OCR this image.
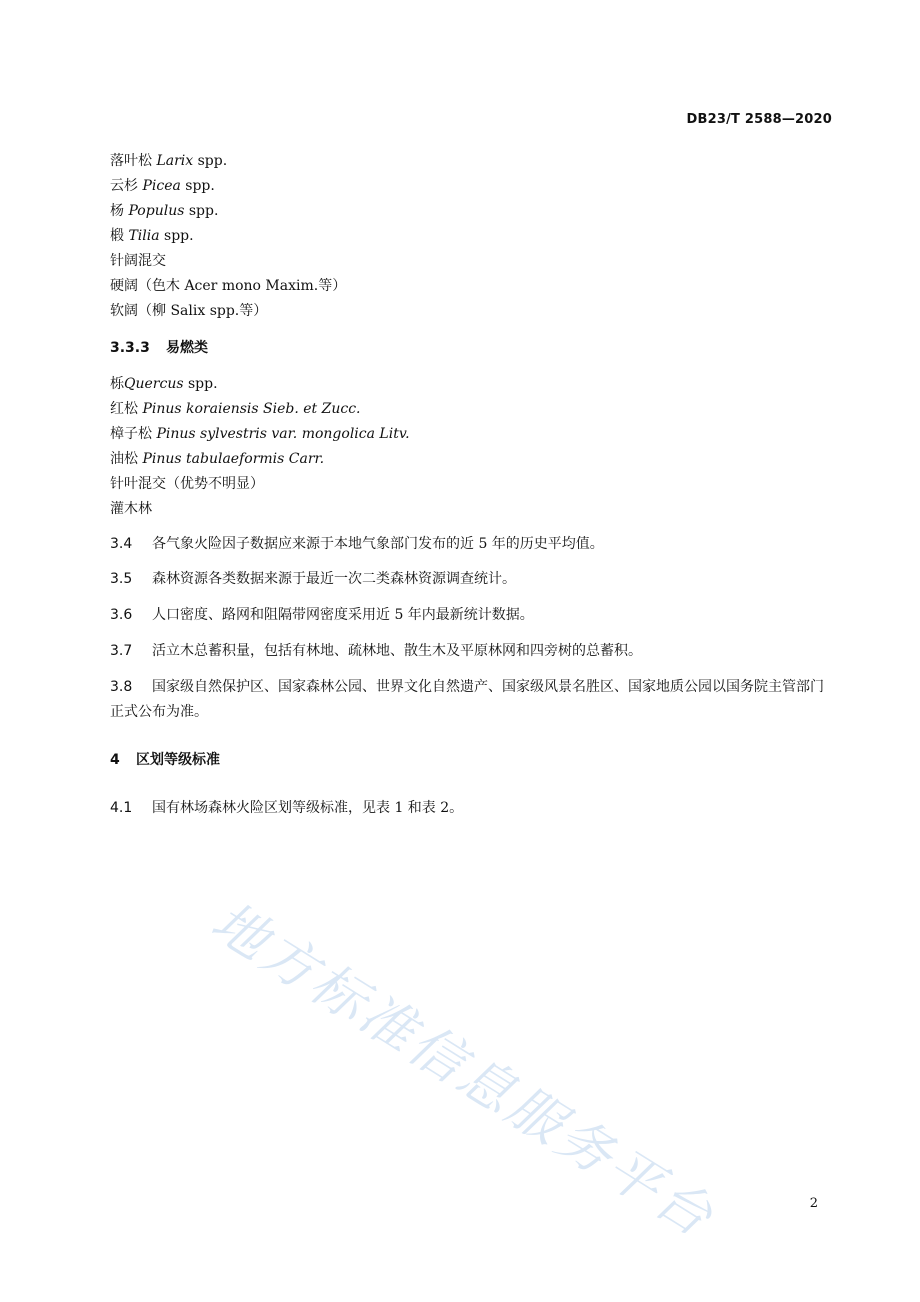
DB23/T 2588—2020
落叶松 Larix spp.
云杉 Picea spp.
杨 Populus spp.
椴 Tilia spp.
针阔混交
硬阔（色木 Acer mono Maxim.等）
软阔（柳 Salix spp.等）
3.3.3 易燃类
栎Quercus spp.
红松 Pinus koraiensis Sieb. et Zucc.
樟子松 Pinus sylvestris var. mongolica Litv.
油松 Pinus tabulaeformis Carr.
针叶混交（优势不明显）
灌木林
3.4 各气象火险因子数据应来源于本地气象部门发布的近 5 年的历史平均值。
3.5 森林资源各类数据来源于最近一次二类森林资源调查统计。
3.6 人口密度、路网和阻隔带网密度采用近 5 年内最新统计数据。
3.7 活立木总蓄积量，包括有林地、疏林地、散生木及平原林网和四旁树的总蓄积。
3.8 国家级自然保护区、国家森林公园、世界文化自然遗产、国家级风景名胜区、国家地质公园以国务院主管部门正式公布为准。
4 区划等级标准
4.1 国有林场森林火险区划等级标准，见表 1 和表 2。
地方标准信息服务平台	2
